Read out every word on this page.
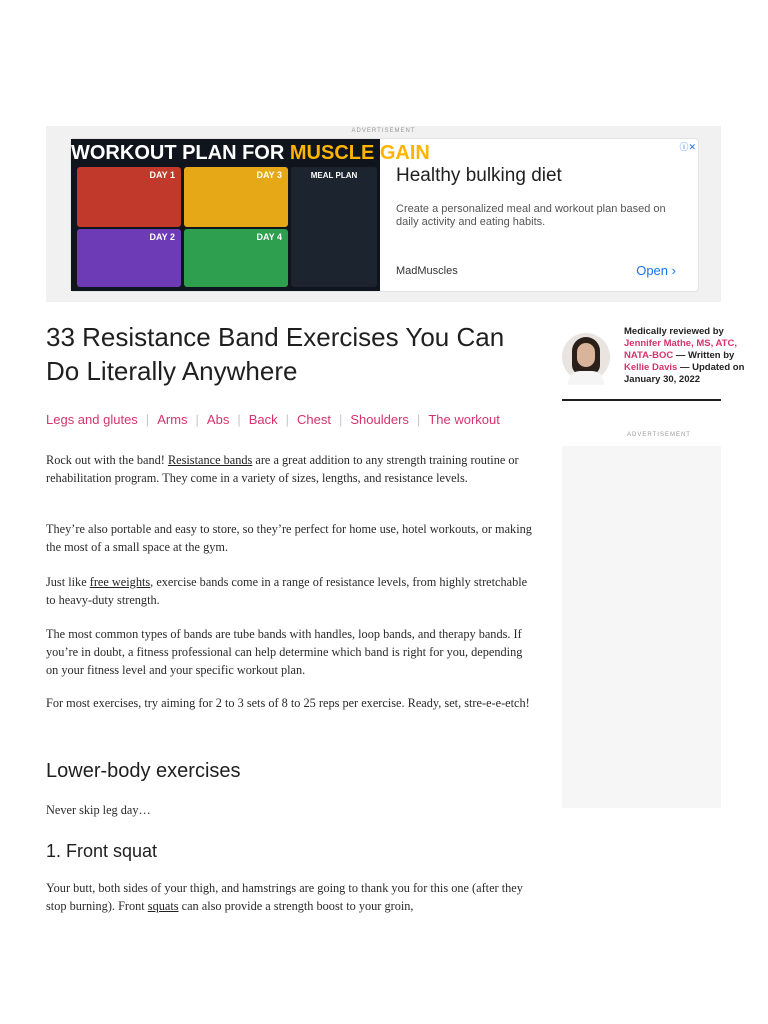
ADVERTISEMENT
WORKOUT PLAN FOR MUSCLE GAIN
DAY 1	DAY 3
DAY 2	DAY 4
MEAL PLAN	Healthy bulking diet
Create a personalized meal and workout plan based on daily activity and eating habits.
MadMuscles	Open ›
ⓘ✕
33 Resistance Band Exercises You Can Do Literally Anywhere
Legs and glutes | Arms | Abs | Back | Chest | Shoulders | The workout

Rock out with the band! Resistance bands are a great addition to any strength training routine or rehabilitation program. They come in a variety of sizes, lengths, and resistance levels.

They’re also portable and easy to store, so they’re perfect for home use, hotel workouts, or making the most of a small space at the gym.

Just like free weights, exercise bands come in a range of resistance levels, from highly stretchable to heavy-duty strength.

The most common types of bands are tube bands with handles, loop bands, and therapy bands. If you’re in doubt, a fitness professional can help determine which band is right for you, depending on your fitness level and your specific workout plan.

For most exercises, try aiming for 2 to 3 sets of 8 to 25 reps per exercise. Ready, set, stre-e-e-etch!

Lower-body exercises

Never skip leg day…

1. Front squat

Your butt, both sides of your thigh, and hamstrings are going to thank you for this one (after they stop burning). Front squats can also provide a strength boost to your groin,

Medically reviewed by
Jennifer Mathe, MS, ATC,
NATA-BOC — Written by
Kellie Davis — Updated on
January 30, 2022
ADVERTISEMENT
